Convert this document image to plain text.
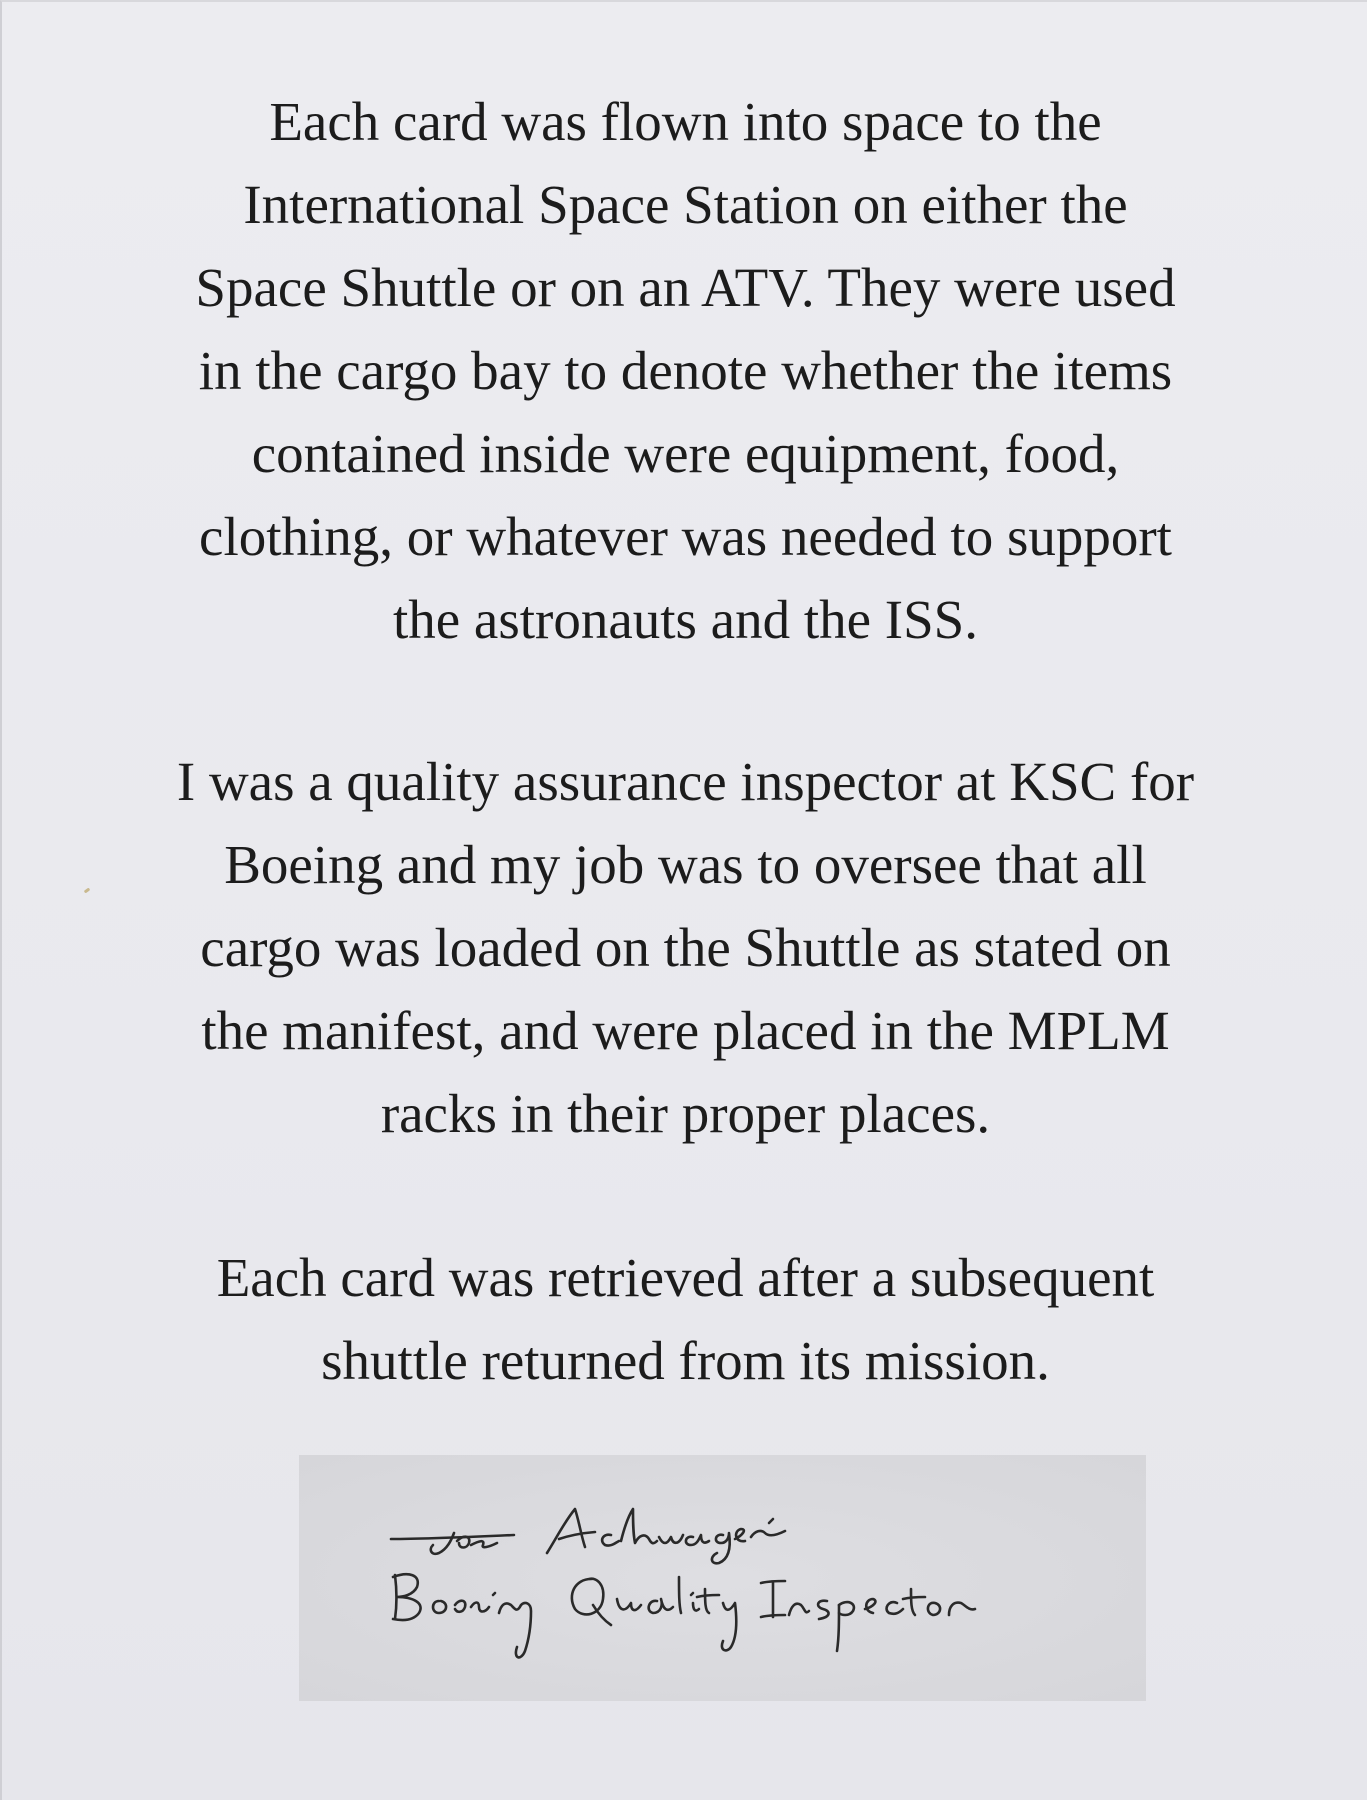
Each card was flown into space to the
International Space Station on either the
Space Shuttle or on an ATV. They were used
in the cargo bay to denote whether the items
contained inside were equipment, food,
clothing, or whatever was needed to support
the astronauts and the ISS.

I was a quality assurance inspector at KSC for
Boeing and my job was to oversee that all
cargo was loaded on the Shuttle as stated on
the manifest, and were placed in the MPLM
racks in their proper places.

Each card was retrieved after a subsequent
shuttle returned from its mission.
